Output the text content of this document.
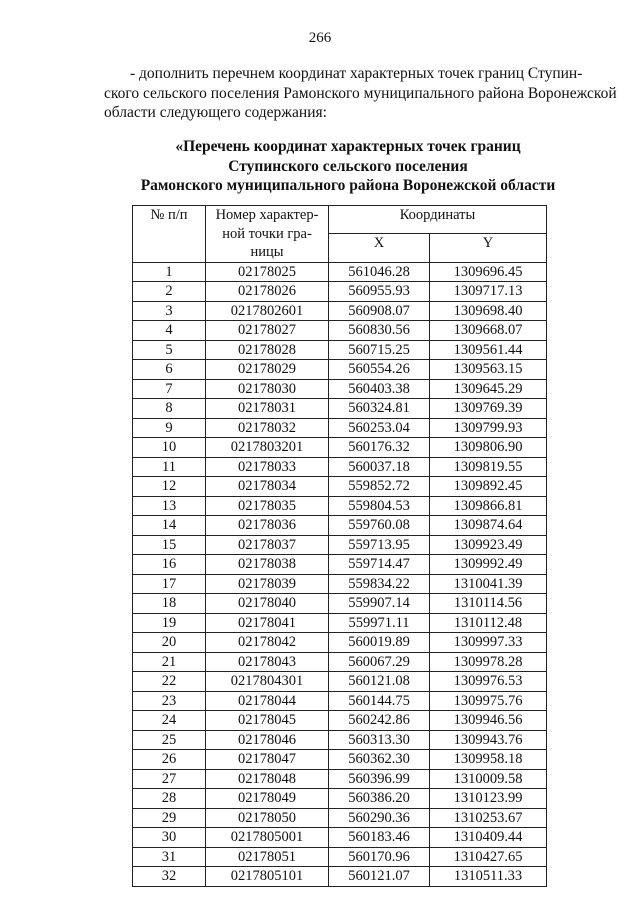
266
- дополнить перечнем координат характерных точек границ Ступин-
ского сельского поселения Рамонского муниципального района Воронежской
области следующего содержания:
«Перечень координат характерных точек границ
Ступинского сельского поселения
Рамонского муниципального района Воронежской области
№ п/п	Номер характер-
ной точки гра-
ницы	Координаты	
		X	Y
1	02178025	561046.28	1309696.45
2	02178026	560955.93	1309717.13
3	0217802601	560908.07	1309698.40
4	02178027	560830.56	1309668.07
5	02178028	560715.25	1309561.44
6	02178029	560554.26	1309563.15
7	02178030	560403.38	1309645.29
8	02178031	560324.81	1309769.39
9	02178032	560253.04	1309799.93
10	0217803201	560176.32	1309806.90
11	02178033	560037.18	1309819.55
12	02178034	559852.72	1309892.45
13	02178035	559804.53	1309866.81
14	02178036	559760.08	1309874.64
15	02178037	559713.95	1309923.49
16	02178038	559714.47	1309992.49
17	02178039	559834.22	1310041.39
18	02178040	559907.14	1310114.56
19	02178041	559971.11	1310112.48
20	02178042	560019.89	1309997.33
21	02178043	560067.29	1309978.28
22	0217804301	560121.08	1309976.53
23	02178044	560144.75	1309975.76
24	02178045	560242.86	1309946.56
25	02178046	560313.30	1309943.76
26	02178047	560362.30	1309958.18
27	02178048	560396.99	1310009.58
28	02178049	560386.20	1310123.99
29	02178050	560290.36	1310253.67
30	0217805001	560183.46	1310409.44
31	02178051	560170.96	1310427.65
32	0217805101	560121.07	1310511.33
